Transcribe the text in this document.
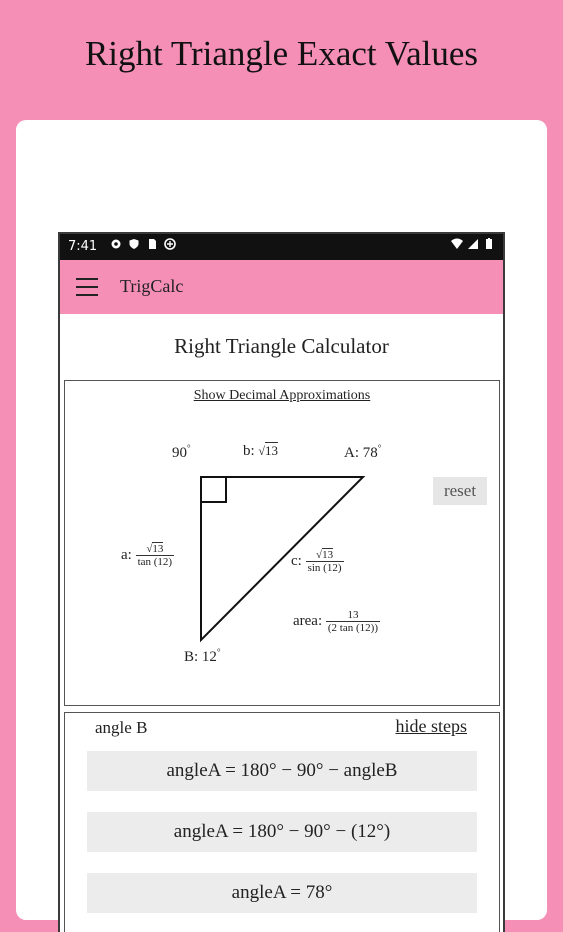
Right Triangle Exact Values
7:41
TrigCalc
Right Triangle Calculator
Show Decimal Approximations
90°	b: √13	A: 78°
reset
a: $\frac{√13}{\tan (12)}$	c: $\frac{√13}{\sin (12)}$
area: $\frac{13}{(2 \tan (12))}$
B: 12°
angle B	hide steps
angleA = 180° − 90° − angleB
angleA = 180° − 90° − (12°)
angleA = 78°
